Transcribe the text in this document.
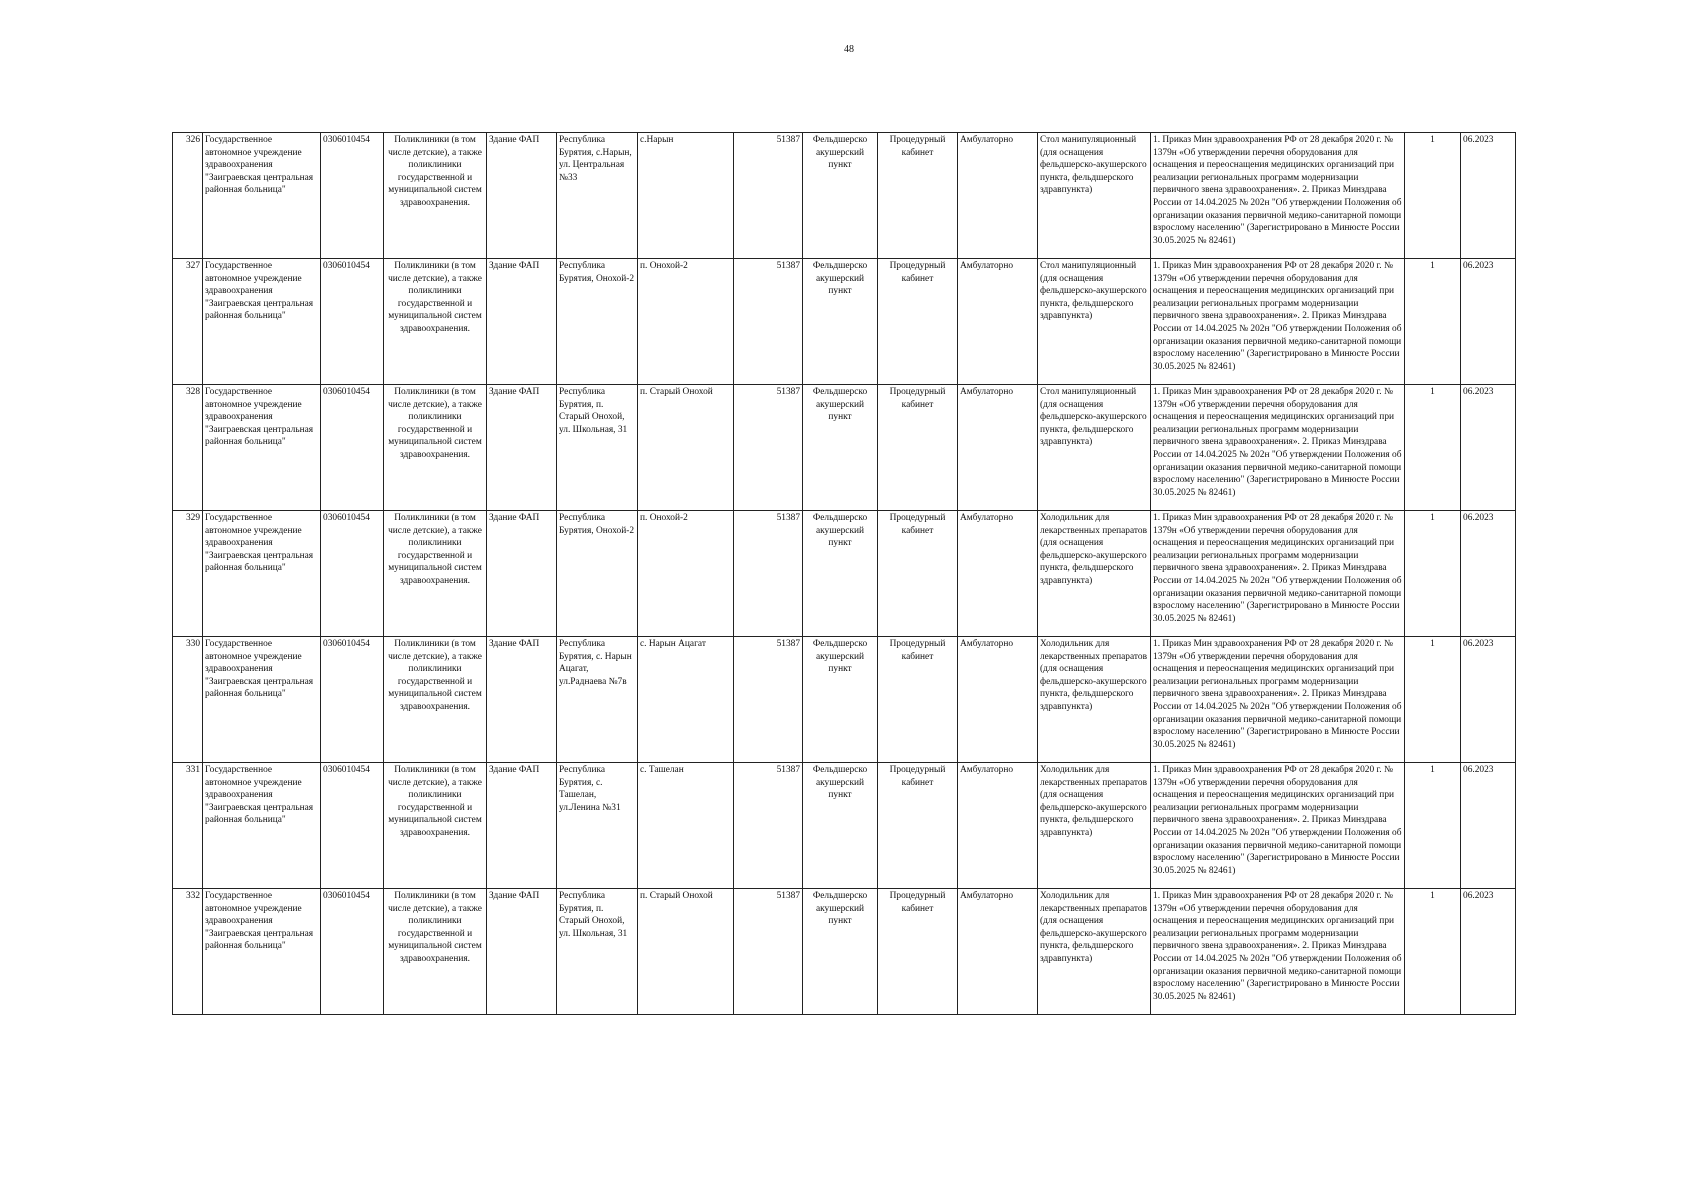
48
326	Государственное автономное учреждение здравоохранения "Заиграевская центральная районная больница"	0306010454	Поликлиники (в том числе детские), а также поликлиники государственной и муниципальной систем здравоохранения.	Здание ФАП	Республика Бурятия, с.Нарын, ул. Центральная №33	с.Нарын	51387	Фельдшерско акушерский пункт	Процедурный кабинет	Амбулаторно	Стол манипуляционный (для оснащения фельдшерско-акушерского пункта, фельдшерского здравпункта)	1. Приказ Мин здравоохранения РФ от 28 декабря 2020 г. № 1379н «Об утверждении перечня оборудования для оснащения и переоснащения медицинских организаций при реализации региональных программ модернизации первичного звена здравоохранения». 2. Приказ Минздрава России от 14.04.2025 № 202н "Об утверждении Положения об организации оказания первичной медико-санитарной помощи взрослому населению" (Зарегистрировано в Минюсте России 30.05.2025 № 82461)	1	06.2023
327	Государственное автономное учреждение здравоохранения "Заиграевская центральная районная больница"	0306010454	Поликлиники (в том числе детские), а также поликлиники государственной и муниципальной систем здравоохранения.	Здание ФАП	Республика Бурятия, Онохой-2	п. Онохой-2	51387	Фельдшерско акушерский пункт	Процедурный кабинет	Амбулаторно	Стол манипуляционный (для оснащения фельдшерско-акушерского пункта, фельдшерского здравпункта)	1. Приказ Мин здравоохранения РФ от 28 декабря 2020 г. № 1379н «Об утверждении перечня оборудования для оснащения и переоснащения медицинских организаций при реализации региональных программ модернизации первичного звена здравоохранения». 2. Приказ Минздрава России от 14.04.2025 № 202н "Об утверждении Положения об организации оказания первичной медико-санитарной помощи взрослому населению" (Зарегистрировано в Минюсте России 30.05.2025 № 82461)	1	06.2023
328	Государственное автономное учреждение здравоохранения "Заиграевская центральная районная больница"	0306010454	Поликлиники (в том числе детские), а также поликлиники государственной и муниципальной систем здравоохранения.	Здание ФАП	Республика Бурятия, п. Старый Онохой, ул. Школьная, 31	п. Старый Онохой	51387	Фельдшерско акушерский пункт	Процедурный кабинет	Амбулаторно	Стол манипуляционный (для оснащения фельдшерско-акушерского пункта, фельдшерского здравпункта)	1. Приказ Мин здравоохранения РФ от 28 декабря 2020 г. № 1379н «Об утверждении перечня оборудования для оснащения и переоснащения медицинских организаций при реализации региональных программ модернизации первичного звена здравоохранения». 2. Приказ Минздрава России от 14.04.2025 № 202н "Об утверждении Положения об организации оказания первичной медико-санитарной помощи взрослому населению" (Зарегистрировано в Минюсте России 30.05.2025 № 82461)	1	06.2023
329	Государственное автономное учреждение здравоохранения "Заиграевская центральная районная больница"	0306010454	Поликлиники (в том числе детские), а также поликлиники государственной и муниципальной систем здравоохранения.	Здание ФАП	Республика Бурятия, Онохой-2	п. Онохой-2	51387	Фельдшерско акушерский пункт	Процедурный кабинет	Амбулаторно	Холодильник для лекарственных препаратов (для оснащения фельдшерско-акушерского пункта, фельдшерского здравпункта)	1. Приказ Мин здравоохранения РФ от 28 декабря 2020 г. № 1379н «Об утверждении перечня оборудования для оснащения и переоснащения медицинских организаций при реализации региональных программ модернизации первичного звена здравоохранения». 2. Приказ Минздрава России от 14.04.2025 № 202н "Об утверждении Положения об организации оказания первичной медико-санитарной помощи взрослому населению" (Зарегистрировано в Минюсте России 30.05.2025 № 82461)	1	06.2023
330	Государственное автономное учреждение здравоохранения "Заиграевская центральная районная больница"	0306010454	Поликлиники (в том числе детские), а также поликлиники государственной и муниципальной систем здравоохранения.	Здание ФАП	Республика Бурятия, с. Нарын Ацагат, ул.Раднаева №7в	с. Нарын Ацагат	51387	Фельдшерско акушерский пункт	Процедурный кабинет	Амбулаторно	Холодильник для лекарственных препаратов (для оснащения фельдшерско-акушерского пункта, фельдшерского здравпункта)	1. Приказ Мин здравоохранения РФ от 28 декабря 2020 г. № 1379н «Об утверждении перечня оборудования для оснащения и переоснащения медицинских организаций при реализации региональных программ модернизации первичного звена здравоохранения». 2. Приказ Минздрава России от 14.04.2025 № 202н "Об утверждении Положения об организации оказания первичной медико-санитарной помощи взрослому населению" (Зарегистрировано в Минюсте России 30.05.2025 № 82461)	1	06.2023
331	Государственное автономное учреждение здравоохранения "Заиграевская центральная районная больница"	0306010454	Поликлиники (в том числе детские), а также поликлиники государственной и муниципальной систем здравоохранения.	Здание ФАП	Республика Бурятия, с. Ташелан, ул.Ленина №31	с. Ташелан	51387	Фельдшерско акушерский пункт	Процедурный кабинет	Амбулаторно	Холодильник для лекарственных препаратов (для оснащения фельдшерско-акушерского пункта, фельдшерского здравпункта)	1. Приказ Мин здравоохранения РФ от 28 декабря 2020 г. № 1379н «Об утверждении перечня оборудования для оснащения и переоснащения медицинских организаций при реализации региональных программ модернизации первичного звена здравоохранения». 2. Приказ Минздрава России от 14.04.2025 № 202н "Об утверждении Положения об организации оказания первичной медико-санитарной помощи взрослому населению" (Зарегистрировано в Минюсте России 30.05.2025 № 82461)	1	06.2023
332	Государственное автономное учреждение здравоохранения "Заиграевская центральная районная больница"	0306010454	Поликлиники (в том числе детские), а также поликлиники государственной и муниципальной систем здравоохранения.	Здание ФАП	Республика Бурятия, п. Старый Онохой, ул. Школьная, 31	п. Старый Онохой	51387	Фельдшерско акушерский пункт	Процедурный кабинет	Амбулаторно	Холодильник для лекарственных препаратов (для оснащения фельдшерско-акушерского пункта, фельдшерского здравпункта)	1. Приказ Мин здравоохранения РФ от 28 декабря 2020 г. № 1379н «Об утверждении перечня оборудования для оснащения и переоснащения медицинских организаций при реализации региональных программ модернизации первичного звена здравоохранения». 2. Приказ Минздрава России от 14.04.2025 № 202н "Об утверждении Положения об организации оказания первичной медико-санитарной помощи взрослому населению" (Зарегистрировано в Минюсте России 30.05.2025 № 82461)	1	06.2023
